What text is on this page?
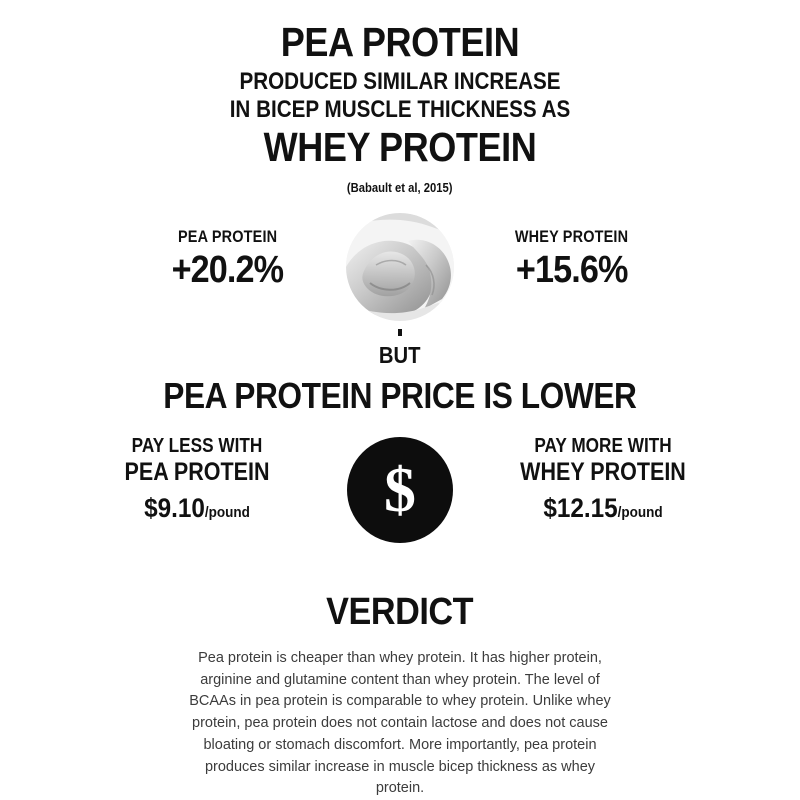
PEA PROTEIN
PRODUCED SIMILAR INCREASE
IN BICEP MUSCLE THICKNESS AS
WHEY PROTEIN
(Babault et al, 2015)
PEA PROTEIN
+20.2%
WHEY PROTEIN
+15.6%
BUT
PEA PROTEIN PRICE IS LOWER
PAY LESS WITH
PEA PROTEIN
$9.10/pound	$
PAY MORE WITH
WHEY PROTEIN
$12.15/pound
VERDICT

Pea protein is cheaper than whey protein. It has higher protein, arginine and glutamine content than whey protein. The level of BCAAs in pea protein is comparable to whey protein. Unlike whey protein, pea protein does not contain lactose and does not cause bloating or stomach discomfort. More importantly, pea protein produces similar increase in muscle bicep thickness as whey protein.
